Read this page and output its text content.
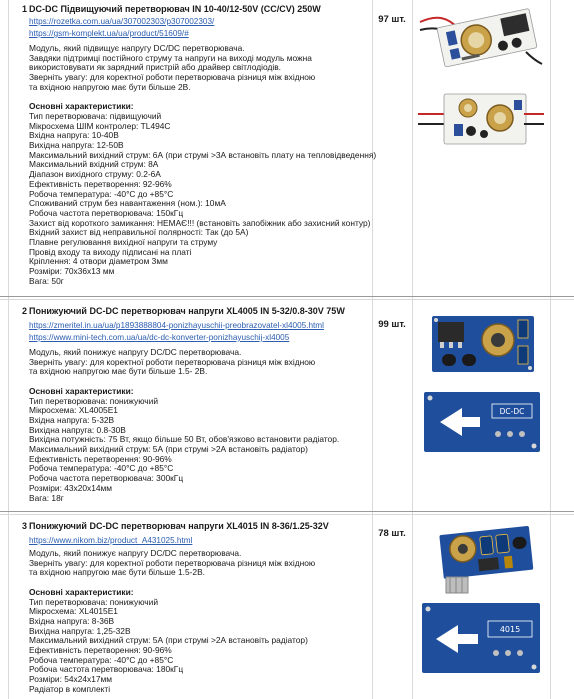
1 DC-DC Підвищуючий перетворювач IN 10-40/12-50V (CC/CV) 250W
97 шт.
https://rozetka.com.ua/ua/307002303/p307002303/
https://gsm-komplekt.ua/ua/product/51609/#
Модуль, який підвищує напругу DC/DC перетворювача.
Завдяки підтримці постійного струму та напруги на виході модуль можна
використовувати як зарядний пристрій або драйвер світлодіодів.
Зверніть увагу: для коректної роботи перетворювача різниця між вхідною
та вхідною напругою має бути більше 2В.
Основні характеристики:
Тип перетворювача: підвищуючий
Мікросхема ШІМ контролер: TL494C
Вхідна напруга: 10-40В
Вихідна напруга: 12-50В
Максимальний вихідний струм: 6А (при струмі >3А встановіть плату на тепловідведення)
Максимальний вхідний струм: 8А
Діапазон вихідного струму: 0.2-6А
Ефективність перетворення: 92-96%
Робоча температура: -40°С до +85°С
Споживаний струм без навантаження (ном.): 10мА
Робоча частота перетворювача: 150кГц
Захист від короткого замикання: НЕМАЄ!!! (встановіть запобіжник або захисний контур)
Вхідний захист від неправильної полярності: Так (до 5А)
Плавне регулювання вихідної напруги та струму
Провід входу та виходу підписані на платі
Кріплення: 4 отвори діаметром 3мм
Розміри: 70х36х13 мм
Вага: 50г
2 Понижуючий DC-DC перетворювач напруги XL4005 IN 5-32/0.8-30V 75W
99 шт.
https://zmeritel.in.ua/ua/p1893888804-ponizhayuschii-preobrazovatel-xl4005.html
https://www.mini-tech.com.ua/ua/dc-dc-konverter-ponizhayuschij-xl4005
Модуль, який понижує напругу DC/DC перетворювача.
Зверніть увагу: для коректної роботи перетворювача різниця між вхідною
та вхідною напругою має бути більше 1.5- 2В.
Основні характеристики:
Тип перетворювача: понижуючий
Мікросхема: XL4005E1
Вхідна напруга: 5-32В
Вихідна напруга: 0.8-30В
Вихідна потужність: 75 Вт, якщо більше 50 Вт, обов'язково встановити радіатор.
Максимальний вихідний струм: 5А (при струмі >2А встановіть радіатор)
Ефективність перетворення: 90-96%
Робоча температура: -40°С до +85°С
Робоча частота перетворювача: 300кГц
Розміри: 43х20х14мм
Вага: 18г
DC-DC
3 Понижуючий DC-DC перетворювач напруги XL4015 IN 8-36/1.25-32V
78 шт.
https://www.nikom.biz/product_A431025.html
Модуль, який понижує напругу DC/DC перетворювача.
Зверніть увагу: для коректної роботи перетворювача різниця між вхідною
та вхідною напругою має бути більше 1.5-2В.
Основні характеристики:
Тип перетворювача: понижуючий
Мікросхема: XL4015E1
Вхідна напруга: 8-36В
Вихідна напруга: 1,25-32В
Максимальний вихідний струм: 5А (при струмі >2А встановіть радіатор)
Ефективність перетворення: 90-96%
Робоча температура: -40°С до +85°С
Робоча частота перетворювача: 180кГц
Розміри: 54х24х17мм
Радіатор в комплекті
4015
